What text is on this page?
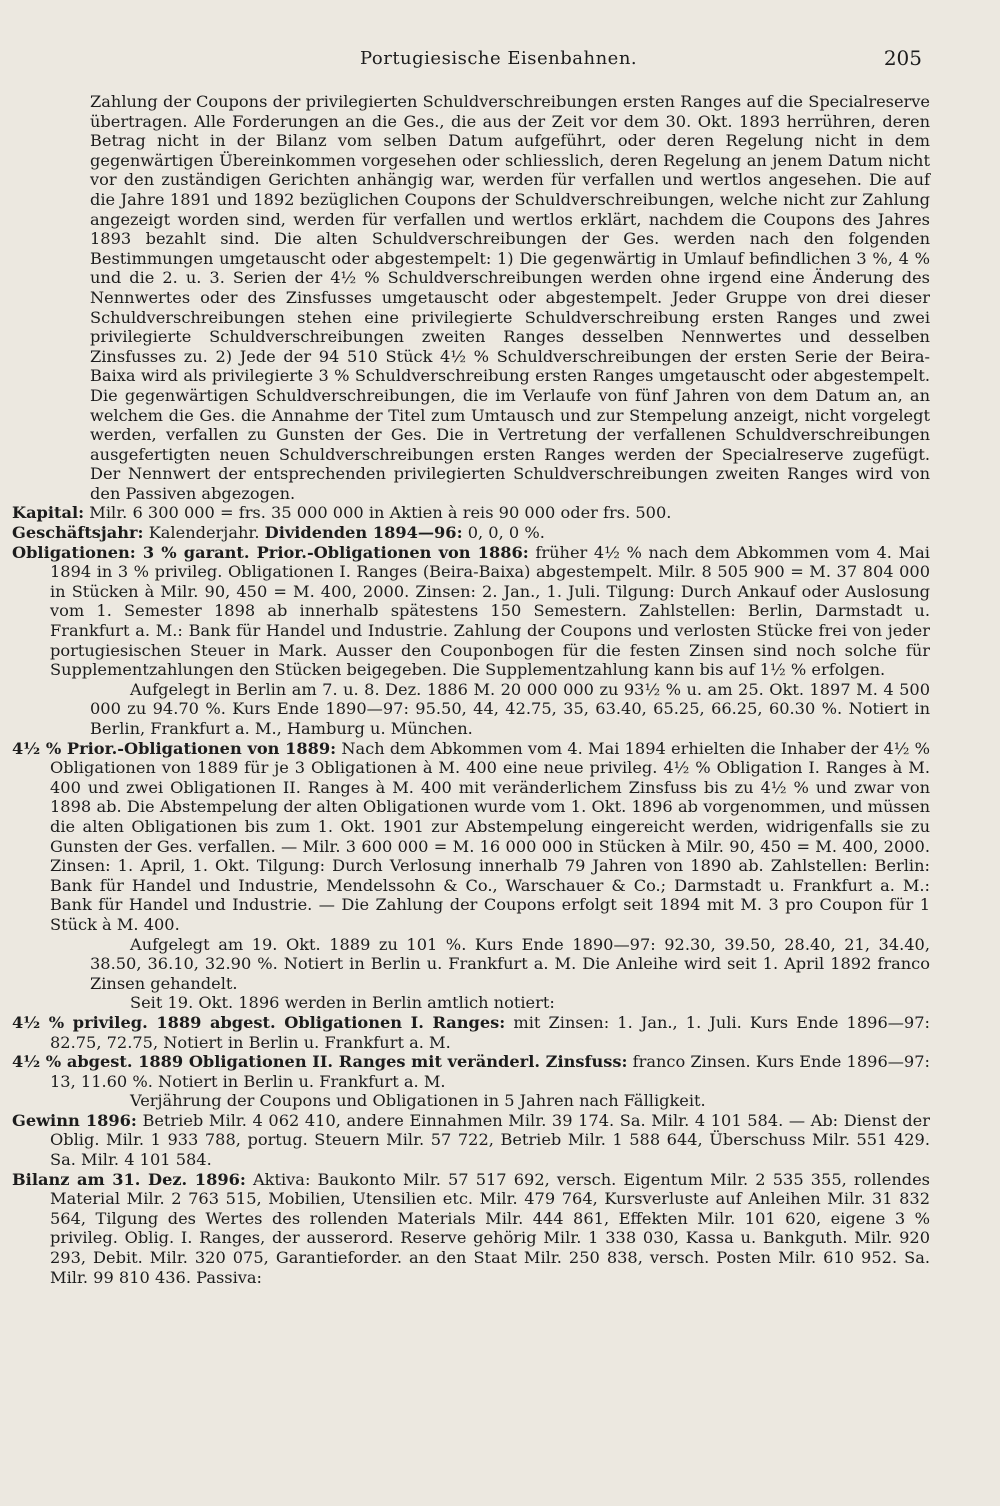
Portugiesische Eisenbahnen.	205

Zahlung der Coupons der privilegierten Schuldverschreibungen ersten Ranges auf die Specialreserve übertragen. Alle Forderungen an die Ges., die aus der Zeit vor dem 30. Okt. 1893 herrühren, deren Betrag nicht in der Bilanz vom selben Datum aufgeführt, oder deren Regelung nicht in dem gegenwärtigen Übereinkommen vorgesehen oder schliesslich, deren Regelung an jenem Datum nicht vor den zuständigen Gerichten anhängig war, werden für verfallen und wertlos angesehen. Die auf die Jahre 1891 und 1892 bezüglichen Coupons der Schuldverschreibungen, welche nicht zur Zahlung angezeigt worden sind, werden für verfallen und wertlos erklärt, nachdem die Coupons des Jahres 1893 bezahlt sind. Die alten Schuldverschreibungen der Ges. werden nach den folgenden Bestimmungen umgetauscht oder abgestempelt: 1) Die gegenwärtig in Umlauf befindlichen 3 %, 4 % und die 2. u. 3. Serien der 4½ % Schuldverschreibungen werden ohne irgend eine Änderung des Nennwertes oder des Zinsfusses umgetauscht oder abgestempelt. Jeder Gruppe von drei dieser Schuldverschreibungen stehen eine privilegierte Schuldverschreibung ersten Ranges und zwei privilegierte Schuldverschreibungen zweiten Ranges desselben Nennwertes und desselben Zinsfusses zu. 2) Jede der 94 510 Stück 4½ % Schuldverschreibungen der ersten Serie der Beira-Baixa wird als privilegierte 3 % Schuldverschreibung ersten Ranges umgetauscht oder abgestempelt. Die gegenwärtigen Schuldverschreibungen, die im Verlaufe von fünf Jahren von dem Datum an, an welchem die Ges. die Annahme der Titel zum Umtausch und zur Stempelung anzeigt, nicht vorgelegt werden, verfallen zu Gunsten der Ges. Die in Vertretung der verfallenen Schuldverschreibungen ausgefertigten neuen Schuldverschreibungen ersten Ranges werden der Specialreserve zugefügt. Der Nennwert der entsprechenden privilegierten Schuldverschreibungen zweiten Ranges wird von den Passiven abgezogen.

Kapital: Milr. 6 300 000 = frs. 35 000 000 in Aktien à reis 90 000 oder frs. 500.

Geschäftsjahr: Kalenderjahr. Dividenden 1894—96: 0, 0, 0 %.

Obligationen: 3 % garant. Prior.-Obligationen von 1886: früher 4½ % nach dem Abkommen vom 4. Mai 1894 in 3 % privileg. Obligationen I. Ranges (Beira-Baixa) abgestempelt. Milr. 8 505 900 = M. 37 804 000 in Stücken à Milr. 90, 450 = M. 400, 2000. Zinsen: 2. Jan., 1. Juli. Tilgung: Durch Ankauf oder Auslosung vom 1. Semester 1898 ab innerhalb spätestens 150 Semestern. Zahlstellen: Berlin, Darmstadt u. Frankfurt a. M.: Bank für Handel und Industrie. Zahlung der Coupons und verlosten Stücke frei von jeder portugiesischen Steuer in Mark. Ausser den Couponbogen für die festen Zinsen sind noch solche für Supplementzahlungen den Stücken beigegeben. Die Supplementzahlung kann bis auf 1½ % erfolgen.

Aufgelegt in Berlin am 7. u. 8. Dez. 1886 M. 20 000 000 zu 93½ % u. am 25. Okt. 1897 M. 4 500 000 zu 94.70 %. Kurs Ende 1890—97: 95.50, 44, 42.75, 35, 63.40, 65.25, 66.25, 60.30 %. Notiert in Berlin, Frankfurt a. M., Hamburg u. München.

4½ % Prior.-Obligationen von 1889: Nach dem Abkommen vom 4. Mai 1894 erhielten die Inhaber der 4½ % Obligationen von 1889 für je 3 Obligationen à M. 400 eine neue privileg. 4½ % Obligation I. Ranges à M. 400 und zwei Obligationen II. Ranges à M. 400 mit veränderlichem Zinsfuss bis zu 4½ % und zwar von 1898 ab. Die Abstempelung der alten Obligationen wurde vom 1. Okt. 1896 ab vorgenommen, und müssen die alten Obligationen bis zum 1. Okt. 1901 zur Abstempelung eingereicht werden, widrigenfalls sie zu Gunsten der Ges. verfallen. — Milr. 3 600 000 = M. 16 000 000 in Stücken à Milr. 90, 450 = M. 400, 2000. Zinsen: 1. April, 1. Okt. Tilgung: Durch Verlosung innerhalb 79 Jahren von 1890 ab. Zahlstellen: Berlin: Bank für Handel und Industrie, Mendelssohn & Co., Warschauer & Co.; Darmstadt u. Frankfurt a. M.: Bank für Handel und Industrie. — Die Zahlung der Coupons erfolgt seit 1894 mit M. 3 pro Coupon für 1 Stück à M. 400.

Aufgelegt am 19. Okt. 1889 zu 101 %. Kurs Ende 1890—97: 92.30, 39.50, 28.40, 21, 34.40, 38.50, 36.10, 32.90 %. Notiert in Berlin u. Frankfurt a. M. Die Anleihe wird seit 1. April 1892 franco Zinsen gehandelt.

Seit 19. Okt. 1896 werden in Berlin amtlich notiert:

4½ % privileg. 1889 abgest. Obligationen I. Ranges: mit Zinsen: 1. Jan., 1. Juli. Kurs Ende 1896—97: 82.75, 72.75, Notiert in Berlin u. Frankfurt a. M.

4½ % abgest. 1889 Obligationen II. Ranges mit veränderl. Zinsfuss: franco Zinsen. Kurs Ende 1896—97: 13, 11.60 %. Notiert in Berlin u. Frankfurt a. M.

Verjährung der Coupons und Obligationen in 5 Jahren nach Fälligkeit.

Gewinn 1896: Betrieb Milr. 4 062 410, andere Einnahmen Milr. 39 174. Sa. Milr. 4 101 584. — Ab: Dienst der Oblig. Milr. 1 933 788, portug. Steuern Milr. 57 722, Betrieb Milr. 1 588 644, Überschuss Milr. 551 429. Sa. Milr. 4 101 584.

Bilanz am 31. Dez. 1896: Aktiva: Baukonto Milr. 57 517 692, versch. Eigentum Milr. 2 535 355, rollendes Material Milr. 2 763 515, Mobilien, Utensilien etc. Milr. 479 764, Kursverluste auf Anleihen Milr. 31 832 564, Tilgung des Wertes des rollenden Materials Milr. 444 861, Effekten Milr. 101 620, eigene 3 % privileg. Oblig. I. Ranges, der ausserord. Reserve gehörig Milr. 1 338 030, Kassa u. Bankguth. Milr. 920 293, Debit. Milr. 320 075, Garantieforder. an den Staat Milr. 250 838, versch. Posten Milr. 610 952. Sa. Milr. 99 810 436. Passiva:
